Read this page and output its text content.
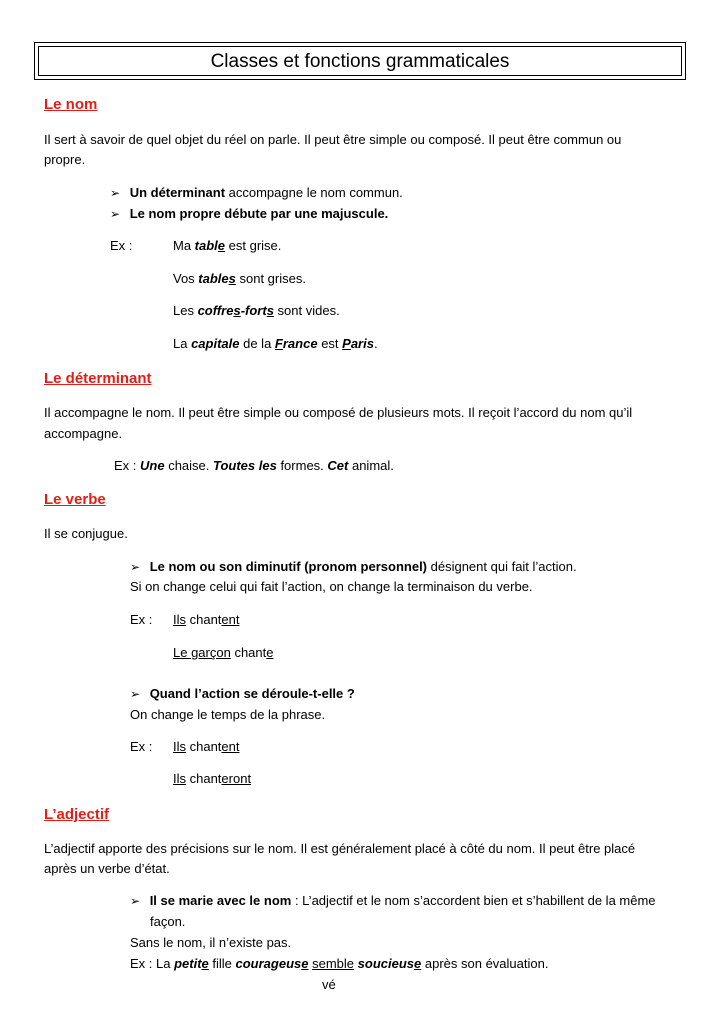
Classes et fonctions grammaticales
Le nom
Il sert à savoir de quel objet du réel on parle. Il peut être simple ou composé. Il peut être commun ou
propre.
➢ Un déterminant accompagne le nom commun.
➢ Le nom propre débute par une majuscule.
Ex :	Ma table est grise.
Vos tables sont grises.
Les coffres-forts sont vides.
La capitale de la France est Paris.
Le déterminant
Il accompagne le nom. Il peut être simple ou composé de plusieurs mots. Il reçoit l’accord du nom qu’il
accompagne.
Ex : Une chaise. Toutes les formes. Cet animal.
Le verbe
Il se conjugue.
➢ Le nom ou son diminutif (pronom personnel) désignent qui fait l’action.
Si on change celui qui fait l’action, on change la terminaison du verbe.
Ex : Ils chantent
Le garçon chante
➢ Quand l’action se déroule-t-elle ?
On change le temps de la phrase.
Ex : Ils chantent
Ils chanteront
L’adjectif
L’adjectif apporte des précisions sur le nom. Il est généralement placé à côté du nom. Il peut être placé
après un verbe d’état.
➢ Il se marie avec le nom : L’adjectif et le nom s’accordent bien et s’habillent de la même
façon.
Sans le nom, il n’existe pas.
Ex : La petite fille courageuse semble soucieuse après son évaluation.
vé
